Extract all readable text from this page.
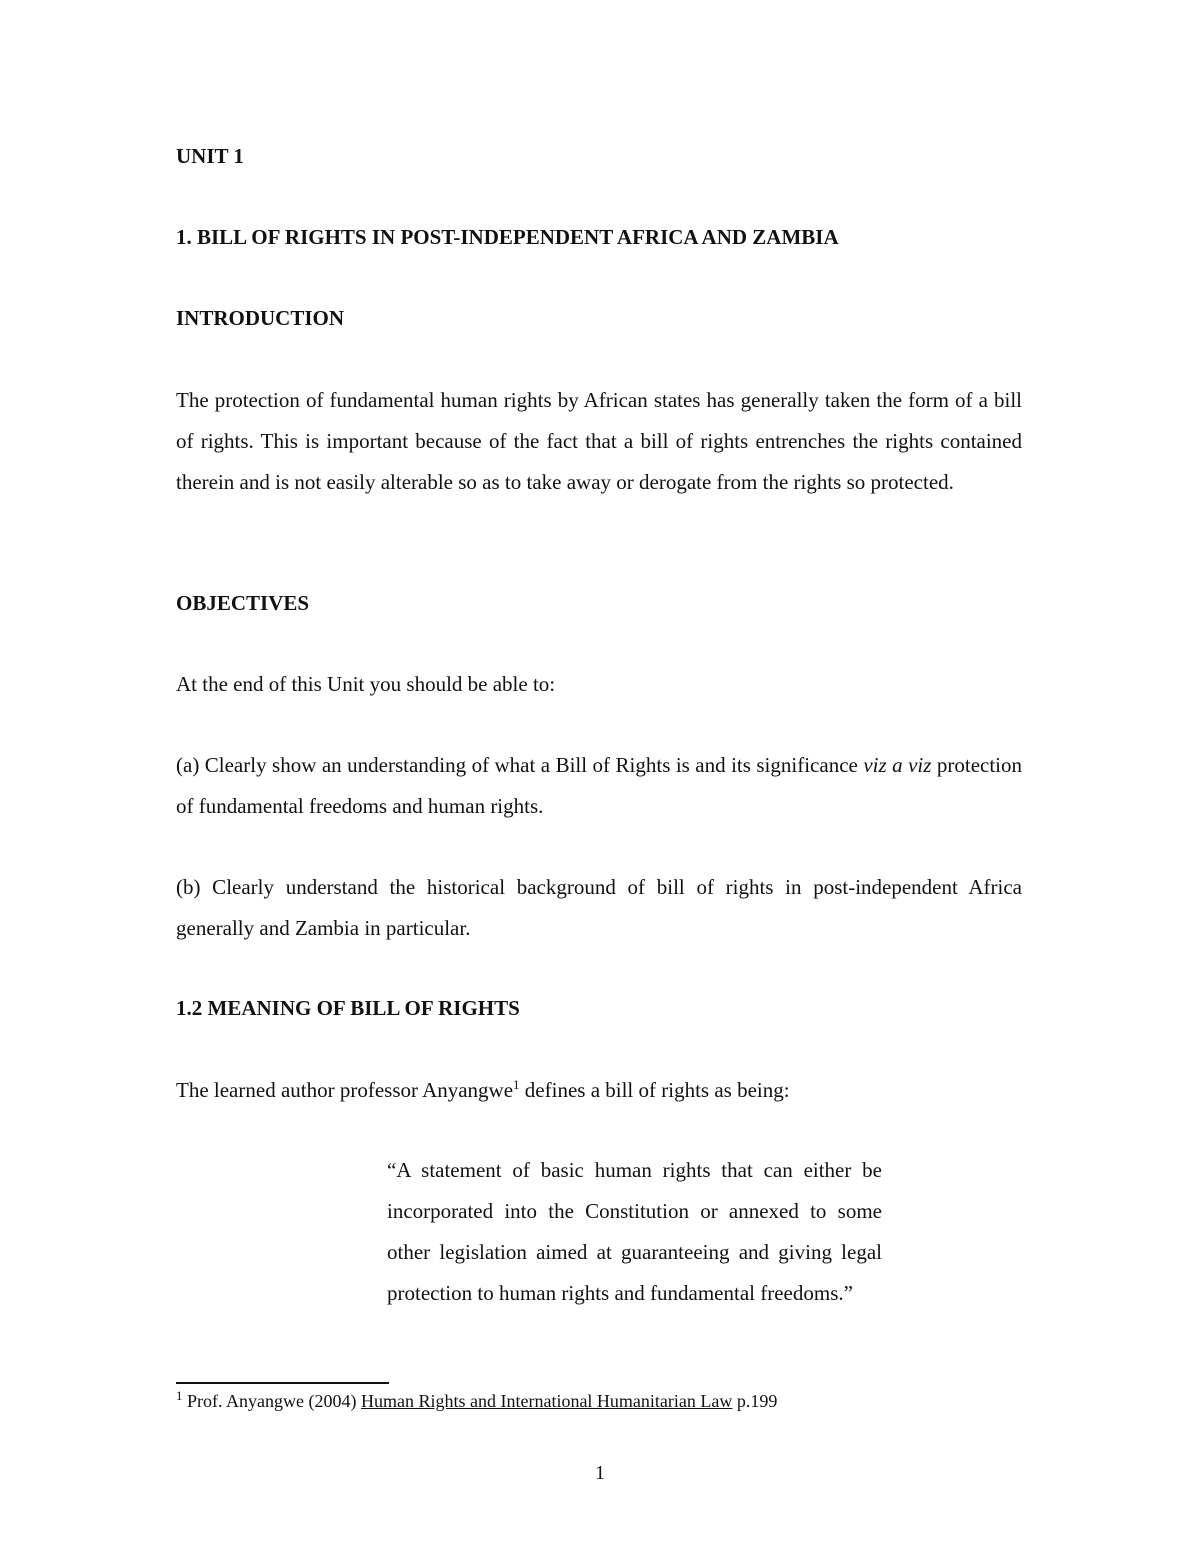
UNIT 1

1. BILL OF RIGHTS IN POST-INDEPENDENT AFRICA AND ZAMBIA

INTRODUCTION

The protection of fundamental human rights by African states has generally taken the form of a bill of rights. This is important because of the fact that a bill of rights entrenches the rights contained therein and is not easily alterable so as to take away or derogate from the rights so protected.

OBJECTIVES

At the end of this Unit you should be able to:

(a) Clearly show an understanding of what a Bill of Rights is and its significance viz a viz protection of fundamental freedoms and human rights.

(b) Clearly understand the historical background of bill of rights in post-independent Africa generally and Zambia in particular.

1.2 MEANING OF BILL OF RIGHTS

The learned author professor Anyangwe$^1$ defines a bill of rights as being:

“A statement of basic human rights that can either be incorporated into the Constitution or annexed to some other legislation aimed at guaranteeing and giving legal protection to human rights and fundamental freedoms.”

$^1$ Prof. Anyangwe (2004) Human Rights and International Humanitarian Law p.199

1
